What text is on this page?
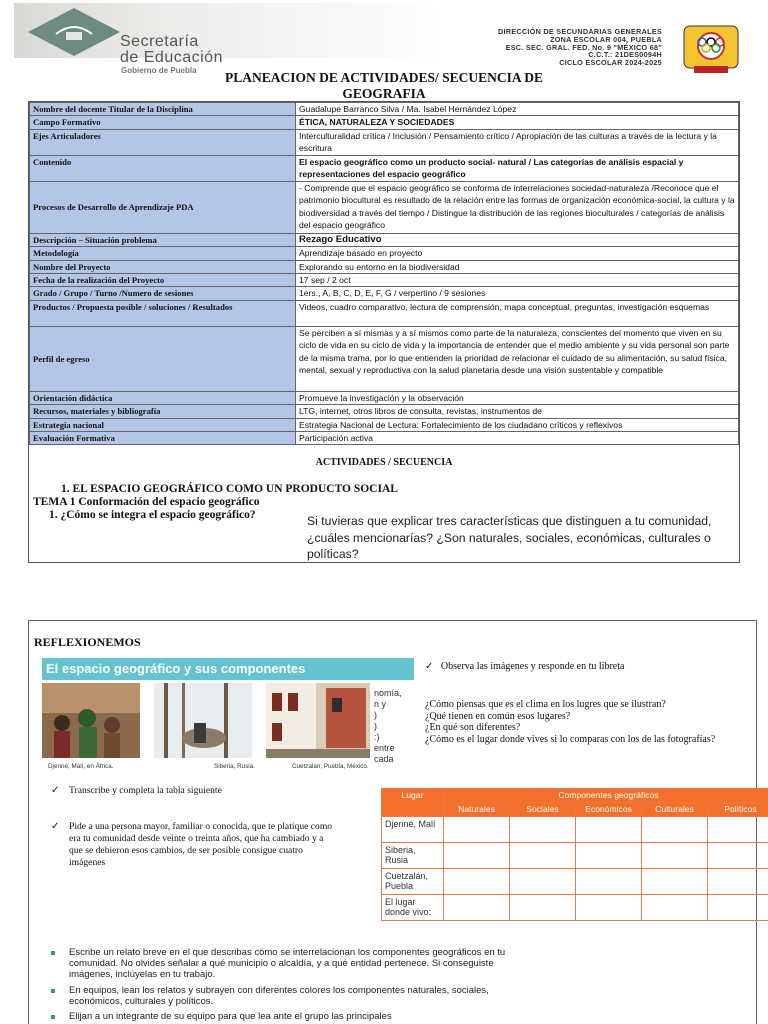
Secretaría
de Educación
Gobierno de Puebla
DIRECCIÓN DE SECUNDARIAS GENERALES
ZONA ESCOLAR 004, PUEBLA
ESC. SEC. GRAL. FED. No. 9 "MÉXICO 68"
C.C.T.: 21DES0094H
CICLO ESCOLAR 2024-2025
PLANEACION DE ACTIVIDADES/ SECUENCIA DE
GEOGRAFIA
Nombre del docente Titular de la Disciplina	Guadalupe Barranco Silva / Ma. Isabel Hernández López
Campo Formativo	ÉTICA, NATURALEZA Y SOCIEDADES
Ejes Articuladores	Interculturalidad crítica / Inclusión / Pensamiento crítico / Apropiación de las culturas a través de la lectura y la escritura
Contenido	El espacio geográfico como un producto social- natural / Las categorías de análisis espacial y representaciones del espacio geográfico
Procesos de Desarrollo de Aprendizaje PDA	- Comprende que el espacio geográfico se conforma de interrelaciones sociedad-naturaleza /Reconoce que el patrimonio biocultural es resultado de la relación entre las formas de organización económica-social, la cultura y la biodiversidad a través del tiempo / Distingue la distribución de las regiones bioculturales / categorías de análisis del espacio geográfico
Descripción – Situación problema	Rezago Educativo
Metodología	Aprendizaje basado en proyecto
Nombre del Proyecto	Explorando su entorno en la biodiversidad
Fecha de la realización del Proyecto	17 sep / 2 oct
Grado / Grupo / Turno /Numero de sesiones	1ers., A, B, C, D, E, F, G / verpertino / 9 sesiones
Productos / Propuesta posible / soluciones / Resultados	Videos, cuadro comparativo, lectura de comprensión, mapa conceptual, preguntas, investigación esquemas
Perfil de egreso	Se perciben a sí mismas y a sí mismos como parte de la naturaleza, conscientes del momento que viven en su ciclo de vida en su ciclo de vida y la importancia de entender que el medio ambiente y su vida personal son parte de la misma trama, por lo que entienden la prioridad de relacionar el cuidado de su alimentación, su salud física, mental, sexual y reproductiva con la salud planetaria desde una visión sustentable y compatible
Orientación didáctica	Promueve la investigación y la observación
Recursos, materiales y bibliografía	LTG, internet, otros libros de consulta, revistas, instrumentos de
Estrategia nacional	Estrategia Nacional de Lectura: Fortalecimiento de los ciudadano críticos y reflexivos
Evaluación Formativa	Participación activa
ACTIVIDADES / SECUENCIA
1. EL ESPACIO GEOGRÁFICO COMO UN PRODUCTO SOCIAL
TEMA 1 Conformación del espacio geográfico
1. ¿Cómo se integra el espacio geográfico?	Si tuvieras que explicar tres características que distinguen a tu comunidad,
¿cuáles mencionarías? ¿Son naturales, sociales, económicas, culturales o políticas?
REFLEXIONEMOS
El espacio geográfico y sus componentes
Djenné, Malí, en África.	Siberia, Rusia.	Cuetzalan, Puebla, México.
nomía,
n y
)
)
:)
entre
cada
✓ Observa las imágenes y responde en tu libreta
¿Cómo piensas que es el clima en los lugres que se ilustran?
¿Qué tienen en común esos lugares?
¿En qué son diferentes?
¿Cómo es el lugar donde vives si lo comparas con los de las fotografías?
✓ Transcribe y completa la tabla siguiente
✓ Pide a una persona mayor, familiar o conocida, que te platique como era tu comunidad desde veinte o treinta años, que ha cambiado y a que se debieron esos cambios, de ser posible consigue cuatro imágenes
Lugar	Componentes geográficos				
	Naturales	Sociales	Económicos	Culturales	Políticos
Djenné, Malí					
Siberia, Rusia					
Cuetzalán, Puebla					
El lugar donde vivo:					
Escribe un relato breve en el que describas cómo se interrelacionan los componentes geográficos en tu comunidad. No olvides señalar a qué municipio o alcaldía, y a qué entidad pertenece. Si conseguiste imágenes, inclúyelas en tu trabajo.
En equipos, lean los relatos y subrayen con diferentes colores los componentes naturales, sociales, económicos, culturales y políticos.
Elijan a un integrante de su equipo para que lea ante el grupo las principales
